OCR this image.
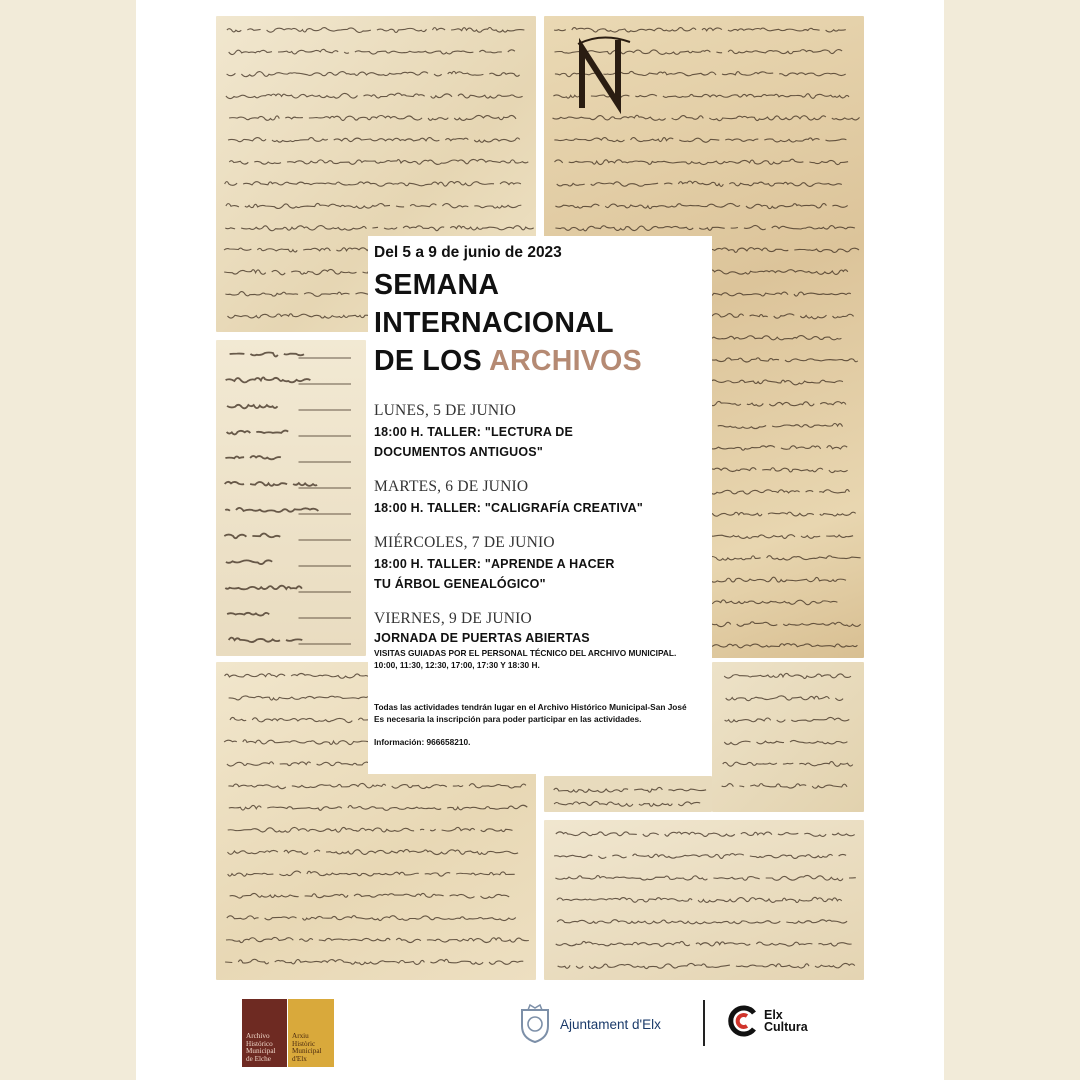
Del 5 a 9 de junio de 2023
SEMANA
INTERNACIONAL
DE LOS ARCHIVOS
LUNES, 5 DE JUNIO
18:00 H. TALLER: "LECTURA DE
DOCUMENTOS ANTIGUOS"
MARTES, 6 DE JUNIO
18:00 H. TALLER: "CALIGRAFÍA CREATIVA"
MIÉRCOLES, 7 DE JUNIO
18:00 H. TALLER: "APRENDE A HACER
TU ÁRBOL GENEALÓGICO"
VIERNES, 9 DE JUNIO
JORNADA DE PUERTAS ABIERTAS
VISITAS GUIADAS POR EL PERSONAL TÉCNICO DEL ARCHIVO MUNICIPAL.
10:00, 11:30, 12:30, 17:00, 17:30 Y 18:30 H.
Todas las actividades tendrán lugar en el Archivo Histórico Municipal-San José
Es necesaria la inscripción para poder participar en las actividades.
Información: 966658210.
Archivo
Histórico
Municipal
de Elche
Arxiu
Històric
Municipal
d'Elx
Ajuntament d'Elx
Elx
Cultura
